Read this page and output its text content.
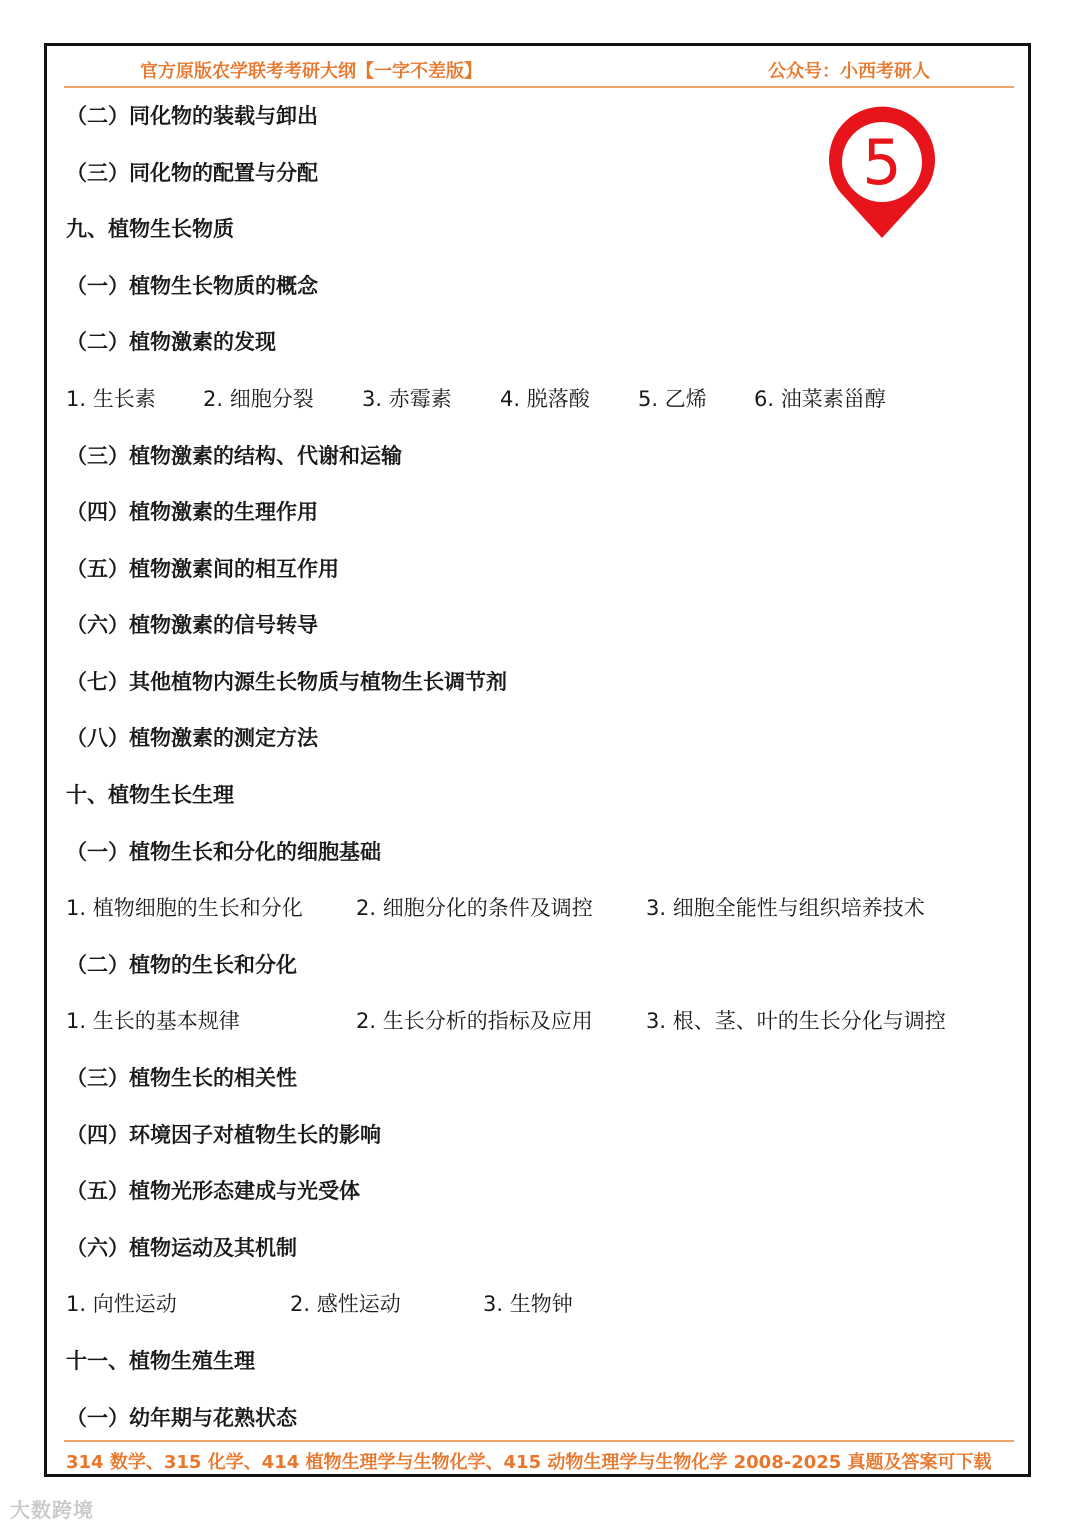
官方原版农学联考考研大纲【一字不差版】	公众号：小西考研人
5
（二）同化物的装载与卸出
（三）同化物的配置与分配
九、植物生长物质
（一）植物生长物质的概念
（二）植物激素的发现
1. 生长素 2. 细胞分裂 3. 赤霉素 4. 脱落酸 5. 乙烯 6. 油菜素甾醇
（三）植物激素的结构、代谢和运输
（四）植物激素的生理作用
（五）植物激素间的相互作用
（六）植物激素的信号转导
（七）其他植物内源生长物质与植物生长调节剂
（八）植物激素的测定方法
十、植物生长生理
（一）植物生长和分化的细胞基础
1. 植物细胞的生长和分化	2. 细胞分化的条件及调控	3. 细胞全能性与组织培养技术
（二）植物的生长和分化
1. 生长的基本规律	2. 生长分析的指标及应用	3. 根、茎、叶的生长分化与调控
（三）植物生长的相关性
（四）环境因子对植物生长的影响
（五）植物光形态建成与光受体
（六）植物运动及其机制
1. 向性运动	2. 感性运动	3. 生物钟
十一、植物生殖生理
（一）幼年期与花熟状态
314 数学、315 化学、414 植物生理学与生物化学、415 动物生理学与生物化学 2008-2025 真题及答案可下载
大数跨境
